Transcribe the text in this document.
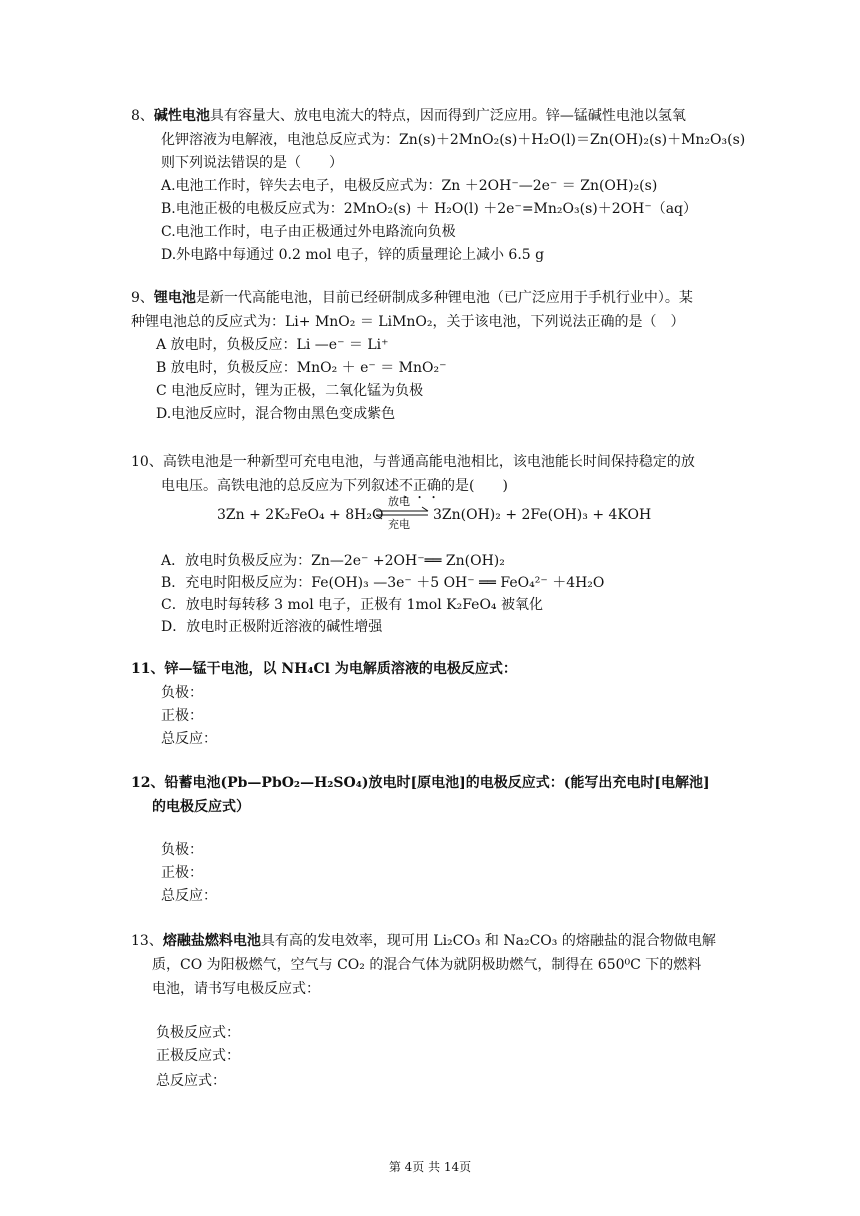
8、碱性电池具有容量大、放电电流大的特点，因而得到广泛应用。锌—锰碱性电池以氢氧
化钾溶液为电解液，电池总反应式为：Zn(s)＋2MnO₂(s)＋H₂O(l)＝Zn(OH)₂(s)＋Mn₂O₃(s)
则下列说法错误的是（　　）
A.电池工作时，锌失去电子，电极反应式为：Zn ＋2OH⁻—2e⁻ ＝ Zn(OH)₂(s)
B.电池正极的电极反应式为：2MnO₂(s) ＋ H₂O(l) ＋2e⁻=Mn₂O₃(s)＋2OH⁻（aq）
C.电池工作时，电子由正极通过外电路流向负极
D.外电路中每通过 0.2 mol 电子，锌的质量理论上减小 6.5 g
9、锂电池是新一代高能电池，目前已经研制成多种锂电池（已广泛应用于手机行业中）。某
种锂电池总的反应式为：Li+ MnO₂ ＝ LiMnO₂，关于该电池，下列说法正确的是（　）
A 放电时，负极反应：Li —e⁻ ＝ Li⁺
B 放电时，负极反应：MnO₂ ＋ e⁻ ＝ MnO₂⁻
C 电池反应时，锂为正极，二氧化锰为负极
D.电池反应时，混合物由黑色变成紫色
10、高铁电池是一种新型可充电电池，与普通高能电池相比，该电池能长时间保持稳定的放
电电压。高铁电池的总反应为下列叙述不正确的是(　　)
3Zn + 2K₂FeO₄ + 8H₂O
放电
充电
3Zn(OH)₂ + 2Fe(OH)₃ + 4KOH
A．放电时负极反应为：Zn—2e⁻ +2OH⁻══ Zn(OH)₂
B．充电时阳极反应为：Fe(OH)₃ —3e⁻ ＋5 OH⁻ ══ FeO₄²⁻ ＋4H₂O
C．放电时每转移 3 mol 电子，正极有 1mol K₂FeO₄ 被氧化
D．放电时正极附近溶液的碱性增强
11、锌—锰干电池，以 NH₄Cl 为电解质溶液的电极反应式：
负极：
正极：
总反应：
12、铅蓄电池(Pb—PbO₂—H₂SO₄)放电时[原电池]的电极反应式：(能写出充电时[电解池]
的电极反应式）
负极：
正极：
总反应：
13、熔融盐燃料电池具有高的发电效率，现可用 Li₂CO₃ 和 Na₂CO₃ 的熔融盐的混合物做电解
质，CO 为阳极燃气，空气与 CO₂ 的混合气体为就阴极助燃气，制得在 650⁰C 下的燃料
电池，请书写电极反应式：
负极反应式：
正极反应式：
总反应式：
第 4页 共 14页
